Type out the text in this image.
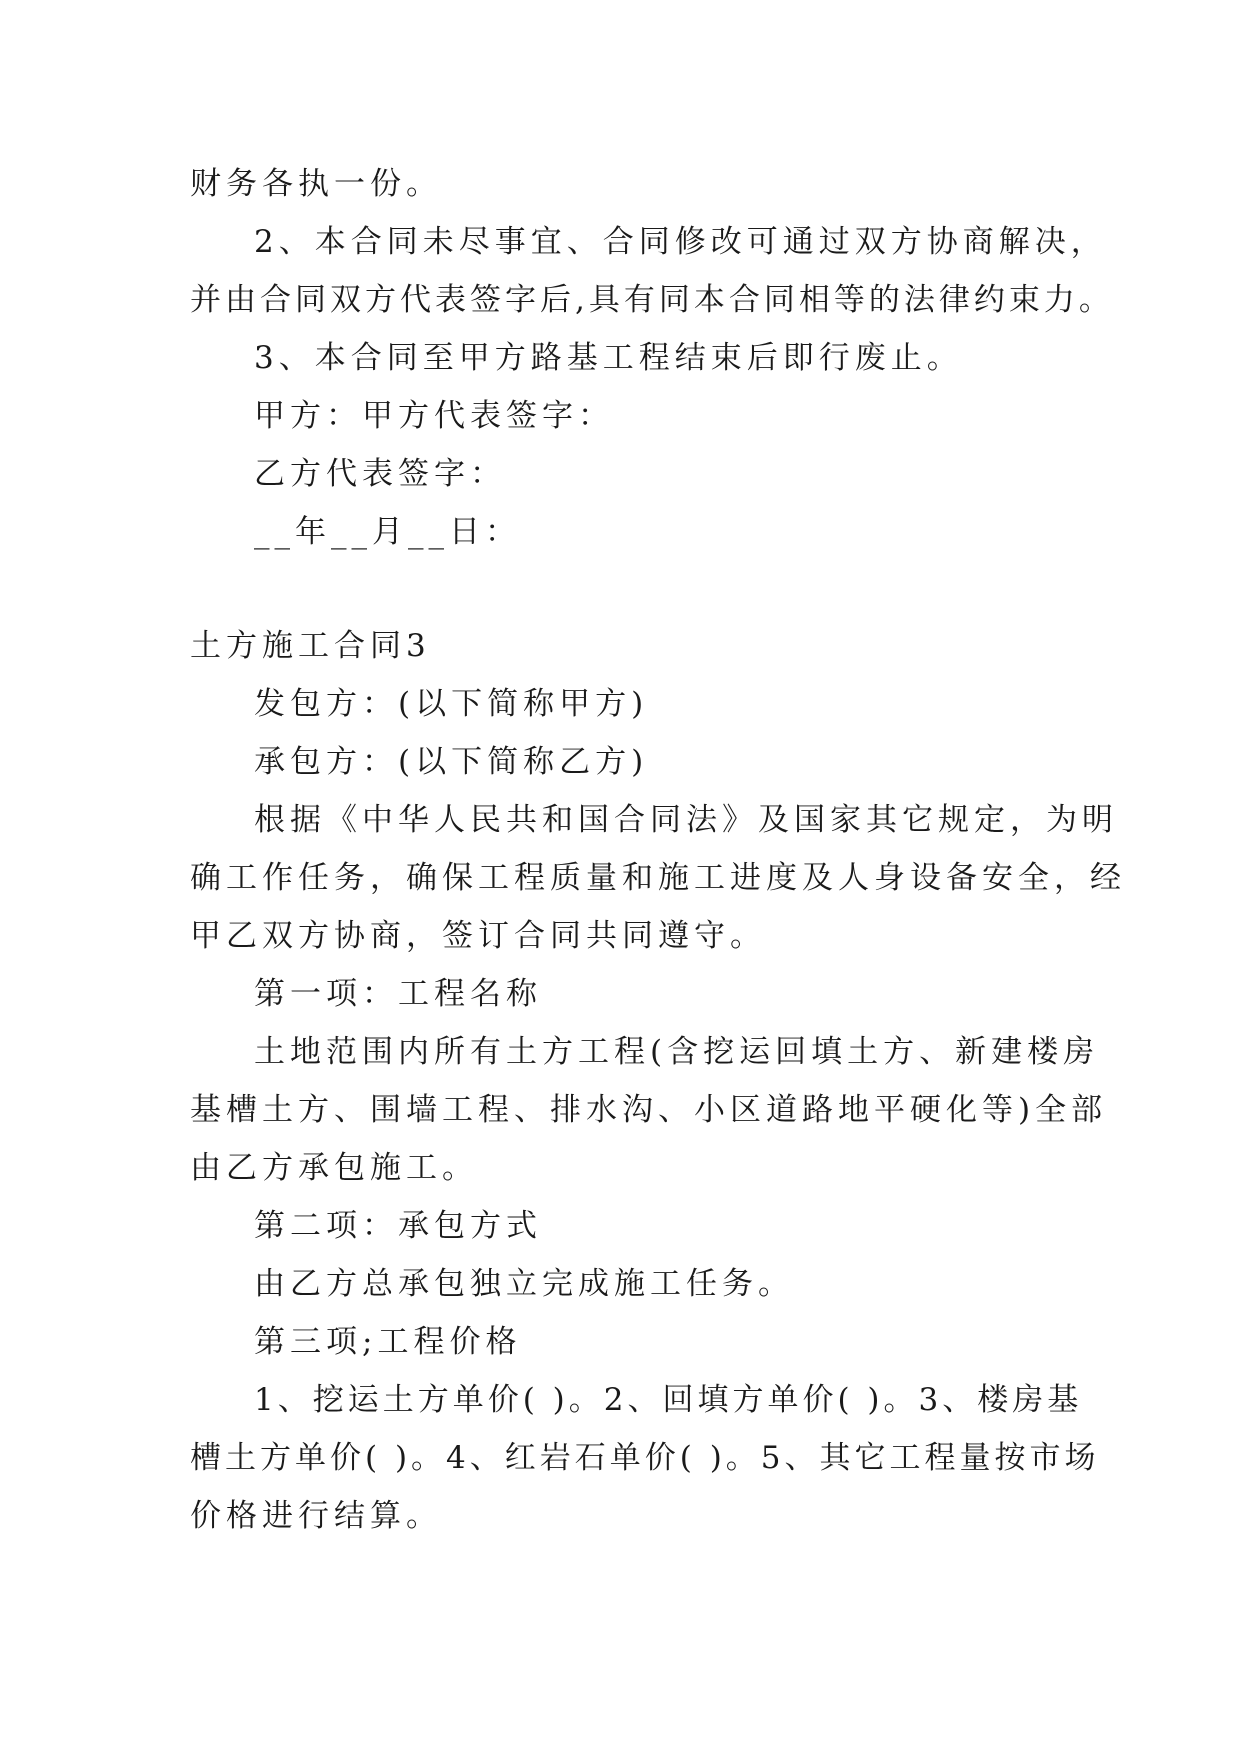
财务各执一份。
2、本合同未尽事宜、合同修改可通过双方协商解决，
并由合同双方代表签字后,具有同本合同相等的法律约束力。
3、本合同至甲方路基工程结束后即行废止。
甲方：甲方代表签字：
乙方代表签字：
__年__月__日：
土方施工合同3
发包方：(以下简称甲方)
承包方：(以下简称乙方)
根据《中华人民共和国合同法》及国家其它规定，为明
确工作任务，确保工程质量和施工进度及人身设备安全，经
甲乙双方协商，签订合同共同遵守。
第一项：工程名称
土地范围内所有土方工程(含挖运回填土方、新建楼房
基槽土方、围墙工程、排水沟、小区道路地平硬化等)全部
由乙方承包施工。
第二项：承包方式
由乙方总承包独立完成施工任务。
第三项;工程价格
1、挖运土方单价( )。2、回填方单价( )。3、楼房基
槽土方单价( )。4、红岩石单价( )。5、其它工程量按市场
价格进行结算。
